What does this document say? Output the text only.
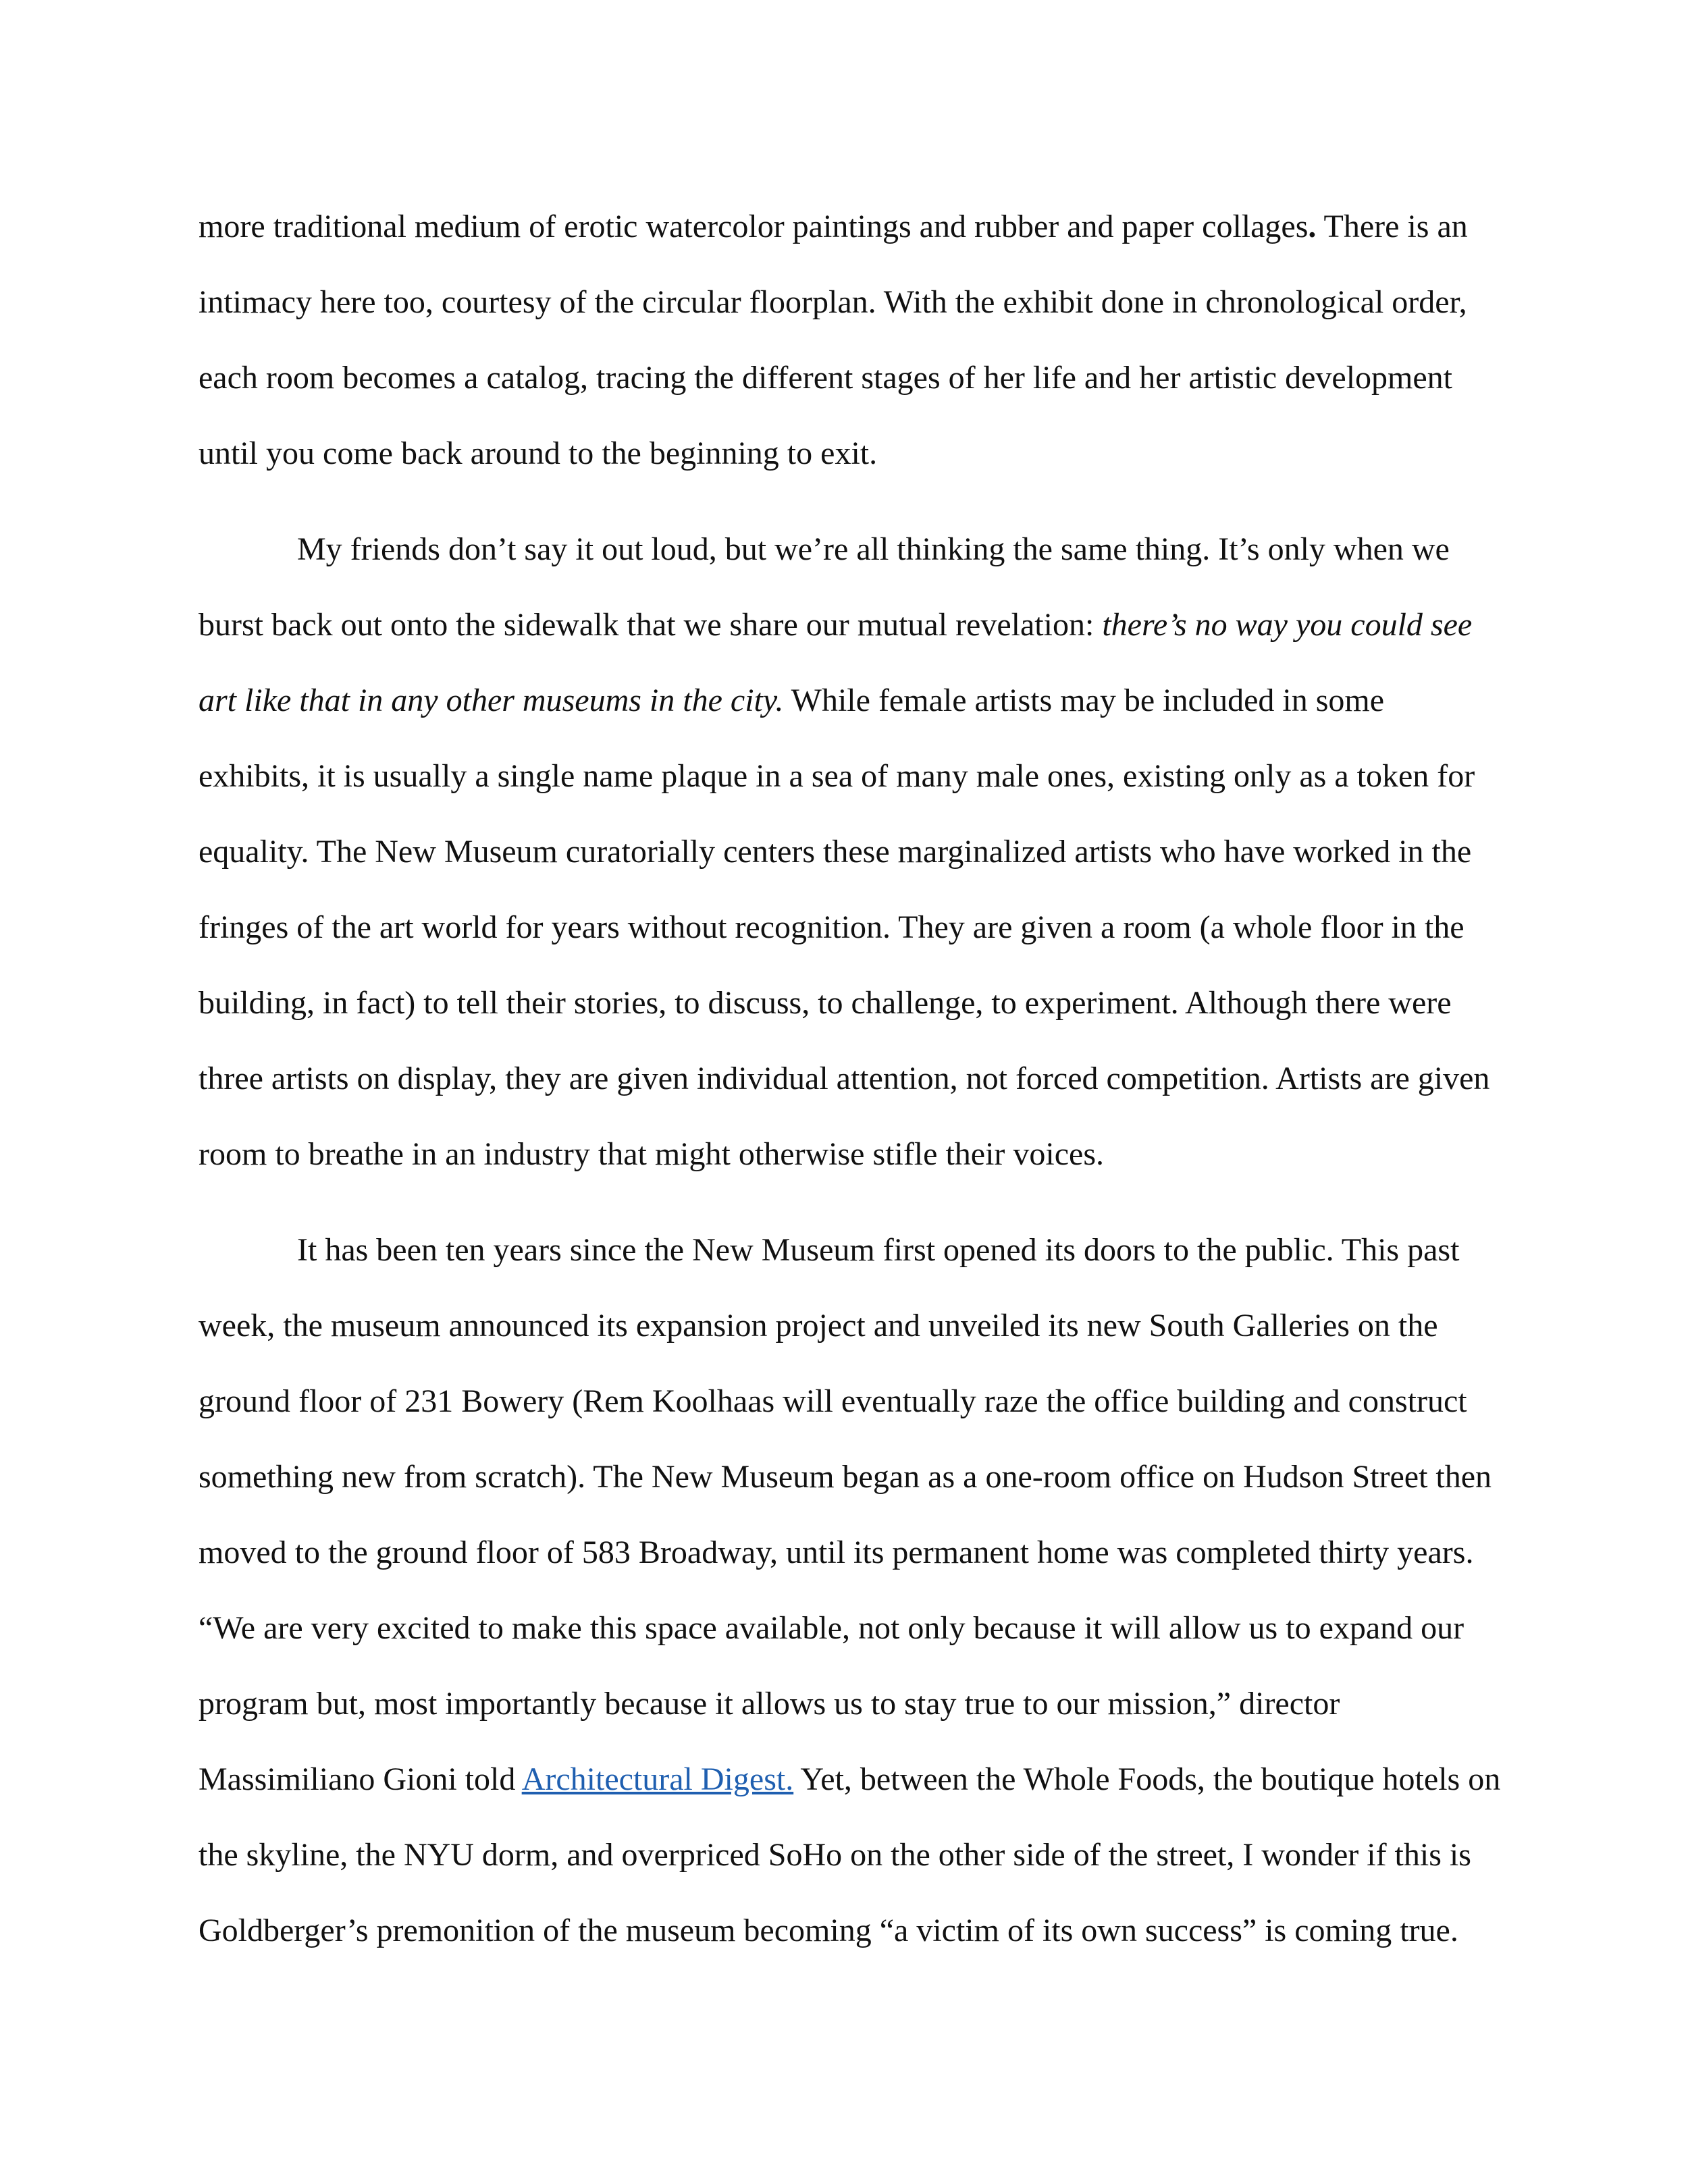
more traditional medium of erotic watercolor paintings and rubber and paper collages. There is an intimacy here too, courtesy of the circular floorplan. With the exhibit done in chronological order, each room becomes a catalog, tracing the different stages of her life and her artistic development until you come back around to the beginning to exit.

My friends don’t say it out loud, but we’re all thinking the same thing. It’s only when we burst back out onto the sidewalk that we share our mutual revelation: there’s no way you could see art like that in any other museums in the city. While female artists may be included in some exhibits, it is usually a single name plaque in a sea of many male ones, existing only as a token for equality. The New Museum curatorially centers these marginalized artists who have worked in the fringes of the art world for years without recognition. They are given a room (a whole floor in the building, in fact) to tell their stories, to discuss, to challenge, to experiment. Although there were three artists on display, they are given individual attention, not forced competition. Artists are given room to breathe in an industry that might otherwise stifle their voices.

It has been ten years since the New Museum first opened its doors to the public. This past week, the museum announced its expansion project and unveiled its new South Galleries on the ground floor of 231 Bowery (Rem Koolhaas will eventually raze the office building and construct something new from scratch). The New Museum began as a one-room office on Hudson Street then moved to the ground floor of 583 Broadway, until its permanent home was completed thirty years. “We are very excited to make this space available, not only because it will allow us to expand our program but, most importantly because it allows us to stay true to our mission,” director Massimiliano Gioni told Architectural Digest. Yet, between the Whole Foods, the boutique hotels on the skyline, the NYU dorm, and overpriced SoHo on the other side of the street, I wonder if this is Goldberger’s premonition of the museum becoming “a victim of its own success” is coming true.
